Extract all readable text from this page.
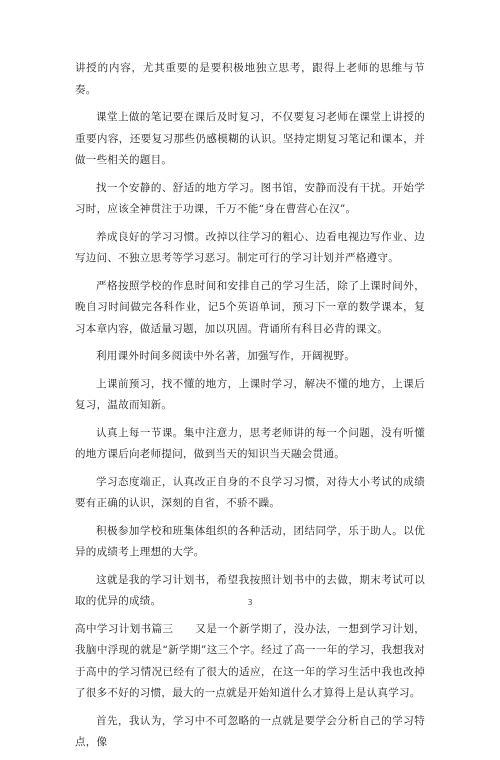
讲授的内容，尤其重要的是要积极地独立思考，跟得上老师的思维与节奏。

课堂上做的笔记要在课后及时复习，不仅要复习老师在课堂上讲授的重要内容，还要复习那些仍感模糊的认识。坚持定期复习笔记和课本，并做一些相关的题目。

找一个安静的、舒适的地方学习。图书馆，安静而没有干扰。开始学习时，应该全神贯注于功课，千万不能“身在曹营心在汉”。

养成良好的学习习惯。改掉以往学习的粗心、边看电视边写作业、边写边问、不独立思考等学习恶习。制定可行的学习计划并严格遵守。

严格按照学校的作息时间和安排自己的学习生活，除了上课时间外，晚自习时间做完各科作业，记5个英语单词，预习下一章的数学课本，复习本章内容，做适量习题，加以巩固。背诵所有科目必背的课文。

利用课外时间多阅读中外名著，加强写作，开阔视野。

上课前预习，找不懂的地方，上课时学习，解决不懂的地方，上课后复习，温故而知新。

认真上每一节课。集中注意力，思考老师讲的每一个问题，没有听懂的地方课后向老师提问，做到当天的知识当天融会贯通。

学习态度端正，认真改正自身的不良学习习惯，对待大小考试的成绩要有正确的认识，深刻的自省，不骄不躁。

积极参加学校和班集体组织的各种活动，团结同学，乐于助人。以优异的成绩考上理想的大学。

这就是我的学习计划书，希望我按照计划书中的去做，期末考试可以取的优异的成绩。

高中学习计划书篇三　　又是一个新学期了，没办法，一想到学习计划，我脑中浮现的就是“新学期”这三个字。经过了高一一年的学习，我想我对于高中的学习情况已经有了很大的适应，在这一年的学习生活中我也改掉了很多不好的习惯，最大的一点就是开始知道什么才算得上是认真学习。

首先，我认为，学习中不可忽略的一点就是要学会分析自己的学习特点，像

3
